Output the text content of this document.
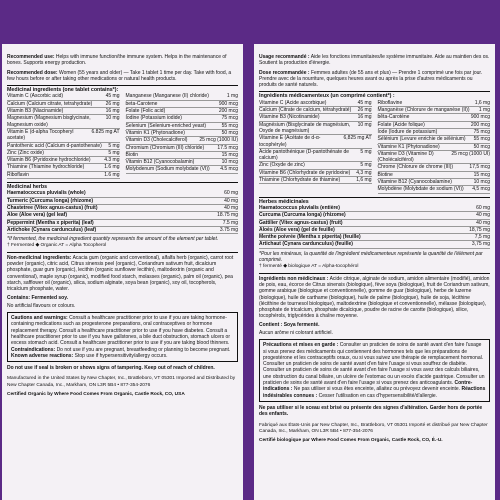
Recommended use: Helps with immune function/the immune system. Helps in the maintenance of bones. Supports energy production.
Recommended dose: Women (55 years and older) — Take 1 tablet 1 time per day. Take with food, a few hours before or after taking other medications or natural health products.
Medicinal ingredients (one tablet contains*):
Vitamin C (Ascorbic acid)	45 mg
Calcium (Calcium citrate, tetrahydrate)	26 mg
Vitamin B3 (Niacinamide)	16 mg
Magnesium (Magnesium bisglycinate, Magnesium oxide)
10 mg
Vitamin E (d-alpha Tocopheryl acetate)
6.825 mg AT
Pantothenic acid (Calcium d-pantothenate) 5 mg
Zinc (Zinc oxide)	5 mg
Vitamin B6 (Pyridoxine hydrochloride)	4.3 mg
Thiamine (Thiamine hydrochloride)	1.6 mg
Riboflavin	1.6 mg
Manganese (Manganese (II) chloride)	1 mg
beta-Carotene	900 mcg
Folate (Folic acid)	200 mcg
Iodine (Potassium iodide)	75 mcg
Selenium (Selenium-enriched yeast)	55 mcg
Vitamin K1 (Phytonadione)	50 mcg
Vitamin D3 (Cholecalciferol) 25 mcg (1000 IU)
Chromium (Chromium (III) chloride)	17.5 mcg
Biotin	15 mcg
Vitamin B12 (Cyanocobalamin)	10 mcg
Molybdenum (Sodium molybdate (VI)) 4.5 mcg
Medicinal herbs
Haematococcus pluvialis (whole)	60 mg
Turmeric (Curcuma longa) (rhizome)	40 mg
Chastetree (Vitex agnus-castus) (fruit)	40 mg
Aloe (Aloe vera) (gel leaf)	18.75 mg
Peppermint (Mentha x piperita) (leaf)	7.5 mg
Artichoke (Cynara cardunculus) (leaf)	3.75 mg
*If fermented, the medicinal ingredient quantity represents the amount of the element per tablet.
† Fermented ◆ Organic AT = Alpha Tocopherol
Non-medicinal ingredients: Acacia gum (organic and conventional), alfalfa herb (organic), carrot root powder (organic), citric acid, Citrus sinensis peel (organic), Coriandrum sativum fruit, dicalcium phosphate, guar gum (organic), lecithin (organic sunflower lecithin), maltodextrin (organic and conventional), maple syrup (organic), modified food starch, molasses (organic), palm oil (organic), pea starch, safflower oil (organic), silica, sodium alginate, soya bean (organic), soy oil, tocopherols, tricalcium phosphate, water.
Contains: Fermented soy.
No artificial flavours or colours.
Cautions and warnings: Consult a healthcare practitioner prior to use if you are taking hormone-containing medications such as progesterone preparations, oral contraceptives or hormone replacement therapy. Consult a healthcare practitioner prior to use if you have diabetes. Consult a healthcare practitioner prior to use if you have gallstones, a bile duct obstruction, stomach ulcers or excess stomach acid. Consult a healthcare practitioner prior to use if you are taking blood thinners. Contraindications: Do not use if you are pregnant, breastfeeding or planning to become pregnant.
Known adverse reactions: Stop use if hypersensitivity/allergy occurs.
Do not use if seal is broken or shows signs of tampering. Keep out of reach of children.
Manufactured in the United States by New Chapter, Inc., Brattleboro, VT 05301 Imported and Distributed by New Chapter Canada, Inc., Markham, ON L3R 5B4 • 877-354-2076
Certified Organic by Where Food Comes From Organic, Castle Rock, CO, USA
Usage recommandé : Aide les fonctions immunitaires/le système immunitaire. Aide au maintien des os. Soutient la production d'énergie.
Dose recommandée : Femmes adultes (de 55 ans et plus) — Prendre 1 comprimé une fois par jour. Prendre avec de la nourriture, quelques heures avant ou après la prise d'autres médicaments ou produits de santé naturels.
Ingrédients médicamenteux (un comprimé contient*) :
Vitamine C (Acide ascorbique)	45 mg
Calcium (Citrate de calcium, tétrahydraté) 26 mg
Vitamine B3 (Nicotinamide)	16 mg
Magnésium (Bisglycinate de magnésium, Oxyde de magnésium)
10 mg
Vitamine E (Acétate de d-α-tocophéryle)
6,825 mg AT
Acide pantothénique (D-pantothénate de calcium)
5 mg
Zinc (Oxyde de zinc)	5 mg
Vitamine B6 (Chlorhydrate de pyridoxine) 4,3 mg
Thiamine (Chlorhydrate de thiamine)	1,6 mg
Riboflavine	1,6 mg
Manganèse (Chlorure de manganèse (II)) 1 mg
bêta-Carotène	900 mcg
Folate (Acide folique)	200 mcg
Iode (Iodure de potassium)	75 mcg
Sélénium (Levure enrichie de sélénium) 55 mcg
Vitamine K1 (Phytonadione)	50 mcg
Vitamine D3 (Vitamine D) (Cholécalciférol)
25 mcg (1000 UI)
Chrome (Chlorure de chrome (III))	17,5 mcg
Biotine	15 mcg
Vitamine B12 (Cyanocobalamine)	10 mcg
Molybdène (Molybdate de sodium (VI)) 4,5 mcg
Herbes médicinales
Haematococcus pluvialis (entière)	60 mg
Curcuma (Curcuma longa) (rhizome)	40 mg
Gattilier (Vitex agnus-castus) (fruit)	40 mg
Aloès (Aloe vera) (gel de feuille)	18,75 mg
Menthe poivrée (Mentha x piperita) (feuille)	7,5 mg
Artichaut (Cynara cardunculus) (feuille)	3,75 mg
*Pour les minéraux, la quantité de l'ingrédient médicamenteux représente la quantité de l'élément par comprimé.
† fermenté ◆ biologique AT = Alpha-tocophérol
Ingrédients non médicinaux : Acide citrique, alginate de sodium, amidon alimentaire (modifié), amidon de pois, eau, écorce de Citrus sinensis (biologique), fève soya (biologique), fruit de Coriandrum sativum, gomme arabique (biologique et conventionnelle), gomme de guar (biologique), herbe de luzerne (biologique), huile de carthame (biologique), huile de palme (biologique), huile de soja, lécithine (lécithine de tournesol biologique), maltodextrine (biologique et conventionnelle), mélasse (biologique), phosphate de tricalcium, phosphate dicalcique, poudre de racine de carotte (biologique), silice, tocophérols, triglycérides à chaîne moyenne.
Contient : Soya fermenté.
Aucun arôme ni colorant artificiel.
Précautions et mises en garde : Consulter un praticien de soins de santé avant d'en faire l'usage si vous prenez des médicaments qui contiennent des hormones tels que les préparations de progestérone et les contraceptifs oraux, ou si vous suivez une thérapie de remplacement hormonal. Consulter un praticien de soins de santé avant d'en faire l'usage si vous souffrez de diabète. Consulter un praticien de soins de santé avant d'en faire l'usage si vous avez des calculs biliaires, une obstruction du canal biliaire, un ulcère de l'estomac ou un excès d'acide gastrique. Consulter un praticien de soins de santé avant d'en faire l'usage si vous prenez des anticoagulants. Contre-indications : Ne pas utiliser si vous êtes enceinte, allaitez ou prévoyez devenir enceinte. Réactions indésirables connues : Cesser l'utilisation en cas d'hypersensibilité/d'allergie.
Ne pas utiliser si le sceau est brisé ou présente des signes d'altération. Garder hors de portée des enfants.
Fabriqué aux États-Unis par New Chapter, Inc., Brattleboro, VT 05301 Importé et distribué par New Chapter Canada, Inc., Markham, ON L3R 5B4 • 877-354-2076
Certifié biologique par Where Food Comes From Organic, Castle Rock, CO, É.-U.
